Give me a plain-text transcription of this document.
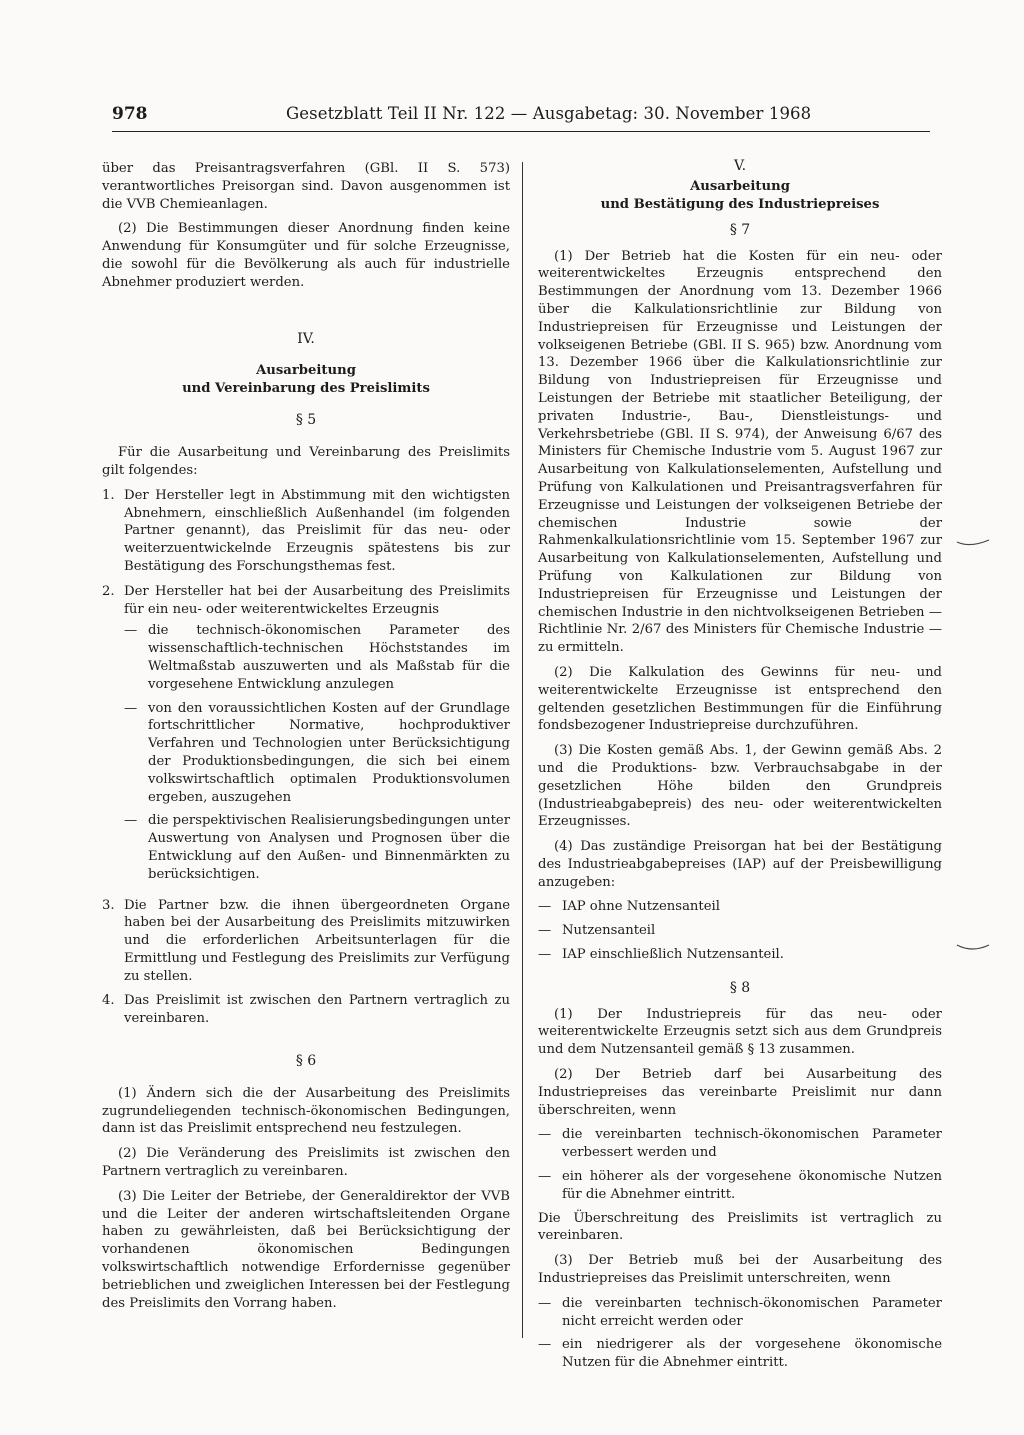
978	Gesetzblatt Teil II Nr. 122 — Ausgabetag: 30. November 1968

über das Preisantragsverfahren (GBl. II S. 573) verantwortliches Preisorgan sind. Davon ausgenommen ist die VVB Chemieanlagen.

(2) Die Bestimmungen dieser Anordnung finden keine Anwendung für Konsumgüter und für solche Erzeugnisse, die sowohl für die Bevölkerung als auch für industrielle Abnehmer produziert werden.

IV.
Ausarbeitung
und Vereinbarung des Preislimits
§ 5

Für die Ausarbeitung und Vereinbarung des Preislimits gilt folgendes:

1. Der Hersteller legt in Abstimmung mit den wichtigsten Abnehmern, einschließlich Außenhandel (im folgenden Partner genannt), das Preislimit für das neu- oder weiterzuentwickelnde Erzeugnis spätestens bis zur Bestätigung des Forschungsthemas fest.
2. Der Hersteller hat bei der Ausarbeitung des Preislimits für ein neu- oder weiterentwickeltes Erzeugnis
— die technisch-ökonomischen Parameter des wissenschaftlich-technischen Höchststandes im Weltmaßstab auszuwerten und als Maßstab für die vorgesehene Entwicklung anzulegen
— von den voraussichtlichen Kosten auf der Grundlage fortschrittlicher Normative, hochproduktiver Verfahren und Technologien unter Berücksichtigung der Produktionsbedingungen, die sich bei einem volkswirtschaftlich optimalen Produktionsvolumen ergeben, auszugehen
— die perspektivischen Realisierungsbedingungen unter Auswertung von Analysen und Prognosen über die Entwicklung auf den Außen- und Binnenmärkten zu berücksichtigen.
3. Die Partner bzw. die ihnen übergeordneten Organe haben bei der Ausarbeitung des Preislimits mitzuwirken und die erforderlichen Arbeitsunterlagen für die Ermittlung und Festlegung des Preislimits zur Verfügung zu stellen.
4. Das Preislimit ist zwischen den Partnern vertraglich zu vereinbaren.
§ 6

(1) Ändern sich die der Ausarbeitung des Preislimits zugrundeliegenden technisch-ökonomischen Bedingungen, dann ist das Preislimit entsprechend neu festzulegen.

(2) Die Veränderung des Preislimits ist zwischen den Partnern vertraglich zu vereinbaren.

(3) Die Leiter der Betriebe, der Generaldirektor der VVB und die Leiter der anderen wirtschaftsleitenden Organe haben zu gewährleisten, daß bei Berücksichtigung der vorhandenen ökonomischen Bedingungen volkswirtschaftlich notwendige Erfordernisse gegenüber betrieblichen und zweiglichen Interessen bei der Festlegung des Preislimits den Vorrang haben.

V.
Ausarbeitung
und Bestätigung des Industriepreises
§ 7

(1) Der Betrieb hat die Kosten für ein neu- oder weiterentwickeltes Erzeugnis entsprechend den Bestimmungen der Anordnung vom 13. Dezember 1966 über die Kalkulationsrichtlinie zur Bildung von Industriepreisen für Erzeugnisse und Leistungen der volkseigenen Betriebe (GBl. II S. 965) bzw. Anordnung vom 13. Dezember 1966 über die Kalkulationsrichtlinie zur Bildung von Industriepreisen für Erzeugnisse und Leistungen der Betriebe mit staatlicher Beteiligung, der privaten Industrie-, Bau-, Dienstleistungs- und Verkehrsbetriebe (GBl. II S. 974), der Anweisung 6/67 des Ministers für Chemische Industrie vom 5. August 1967 zur Ausarbeitung von Kalkulationselementen, Aufstellung und Prüfung von Kalkulationen und Preisantragsverfahren für Erzeugnisse und Leistungen der volkseigenen Betriebe der chemischen Industrie sowie der Rahmenkalkulationsrichtlinie vom 15. September 1967 zur Ausarbeitung von Kalkulationselementen, Aufstellung und Prüfung von Kalkulationen zur Bildung von Industriepreisen für Erzeugnisse und Leistungen der chemischen Industrie in den nichtvolkseigenen Betrieben — Richtlinie Nr. 2/67 des Ministers für Chemische Industrie — zu ermitteln.

(2) Die Kalkulation des Gewinns für neu- und weiterentwickelte Erzeugnisse ist entsprechend den geltenden gesetzlichen Bestimmungen für die Einführung fondsbezogener Industriepreise durchzuführen.

(3) Die Kosten gemäß Abs. 1, der Gewinn gemäß Abs. 2 und die Produktions- bzw. Verbrauchsabgabe in der gesetzlichen Höhe bilden den Grundpreis (Industrieabgabepreis) des neu- oder weiterentwickelten Erzeugnisses.

(4) Das zuständige Preisorgan hat bei der Bestätigung des Industrieabgabepreises (IAP) auf der Preisbewilligung anzugeben:

— IAP ohne Nutzensanteil
— Nutzensanteil
— IAP einschließlich Nutzensanteil.
§ 8

(1) Der Industriepreis für das neu- oder weiterentwickelte Erzeugnis setzt sich aus dem Grundpreis und dem Nutzensanteil gemäß § 13 zusammen.

(2) Der Betrieb darf bei Ausarbeitung des Industriepreises das vereinbarte Preislimit nur dann überschreiten, wenn

— die vereinbarten technisch-ökonomischen Parameter verbessert werden und
— ein höherer als der vorgesehene ökonomische Nutzen für die Abnehmer eintritt.

Die Überschreitung des Preislimits ist vertraglich zu vereinbaren.

(3) Der Betrieb muß bei der Ausarbeitung des Industriepreises das Preislimit unterschreiten, wenn

— die vereinbarten technisch-ökonomischen Parameter nicht erreicht werden oder
— ein niedrigerer als der vorgesehene ökonomische Nutzen für die Abnehmer eintritt.
